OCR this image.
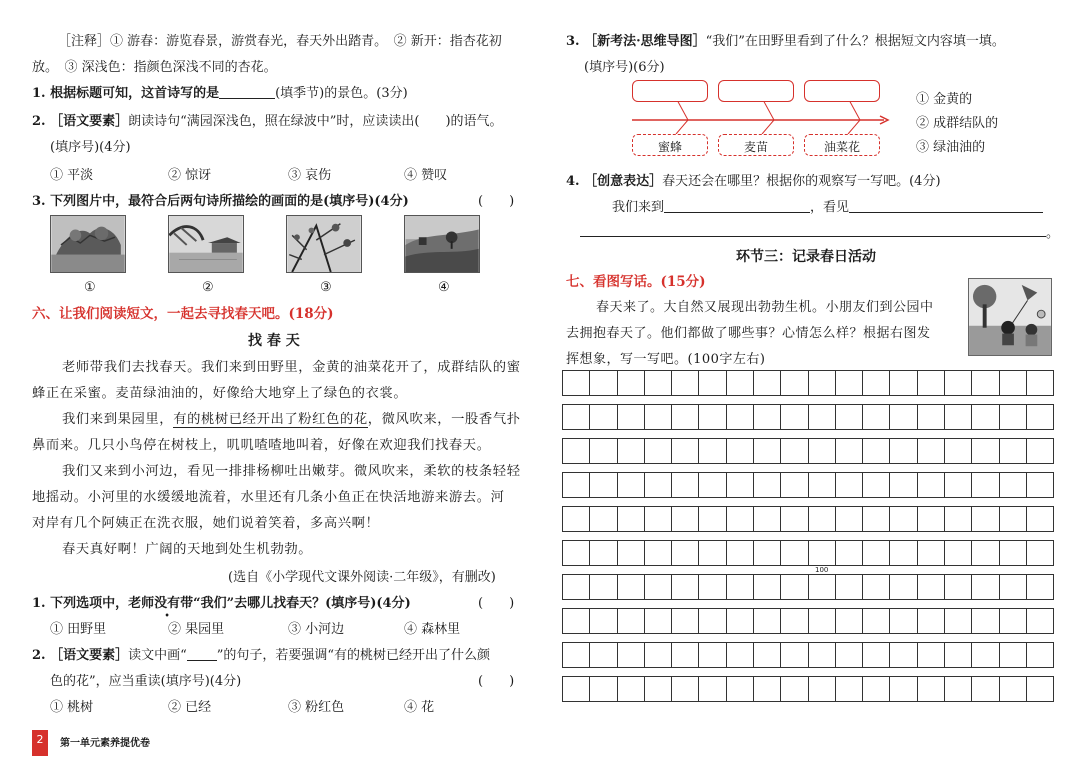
［注释］① 游春：游览春景，游赏春光，春天外出踏青。　② 新开：指杏花初
放。　③ 深浅色：指颜色深浅不同的杏花。
1. 根据标题可知，这首诗写的是	(填季节)的景色。(3分)
2. ［语文要素］朗读诗句“满园深浅色，照在绿波中”时，应读读出(　　)的语气。
(填序号)(4分)
① 平淡	② 惊讶	③ 哀伤	④ 赞叹
3. 下列图片中，最符合后两句诗所描绘的画面的是(填序号)(4分)	(　　)
①	②	③	④
六、让我们阅读短文，一起去寻找春天吧。(18分)
找 春 天

老师带我们去找春天。我们来到田野里，金黄的油菜花开了，成群结队的蜜

蜂正在采蜜。麦苗绿油油的，好像给大地穿上了绿色的衣裳。

我们来到果园里，有的桃树已经开出了粉红色的花，微风吹来，一股香气扑

鼻而来。几只小鸟停在树枝上，叽叽喳喳地叫着，好像在欢迎我们找春天。

我们又来到小河边，看见一排排杨柳吐出嫩芽。微风吹来，柔软的枝条轻轻

地摇动。小河里的水缓缓地流着，水里还有几条小鱼正在快活地游来游去。河

对岸有几个阿姨正在洗衣服，她们说着笑着，多高兴啊！

春天真好啊！广阔的天地到处生机勃勃。

(选自《小学现代文课外阅读·二年级》，有删改)
1. 下列选项中，老师没有带“我们”去哪儿找春天？(填序号)(4分)	(　　)
① 田野里	② 果园里	③ 小河边	④ 森林里
2. ［语文要素］读文中画“ ”的句子，若要强调“有的桃树已经开出了什么颜
色的花”，应当重读(填序号)(4分)	(　　)
① 桃树	② 已经	③ 粉红色	④ 花
3. ［新考法·思维导图］“我们”在田野里看到了什么？根据短文内容填一填。
(填序号)(6分)
蜜蜂	麦苗	油菜花
① 金黄的
② 成群结队的
③ 绿油油的
4. ［创意表达］春天还会在哪里？根据你的观察写一写吧。(4分)
我们来到	，看见
。
环节三：记录春日活动
七、看图写话。(15分)
春天来了。大自然又展现出勃勃生机。小朋友们到公园中
去拥抱春天了。他们都做了哪些事？心情怎么样？根据右图发
挥想象，写一写吧。(100字左右)
100
2	第一单元素养提优卷
